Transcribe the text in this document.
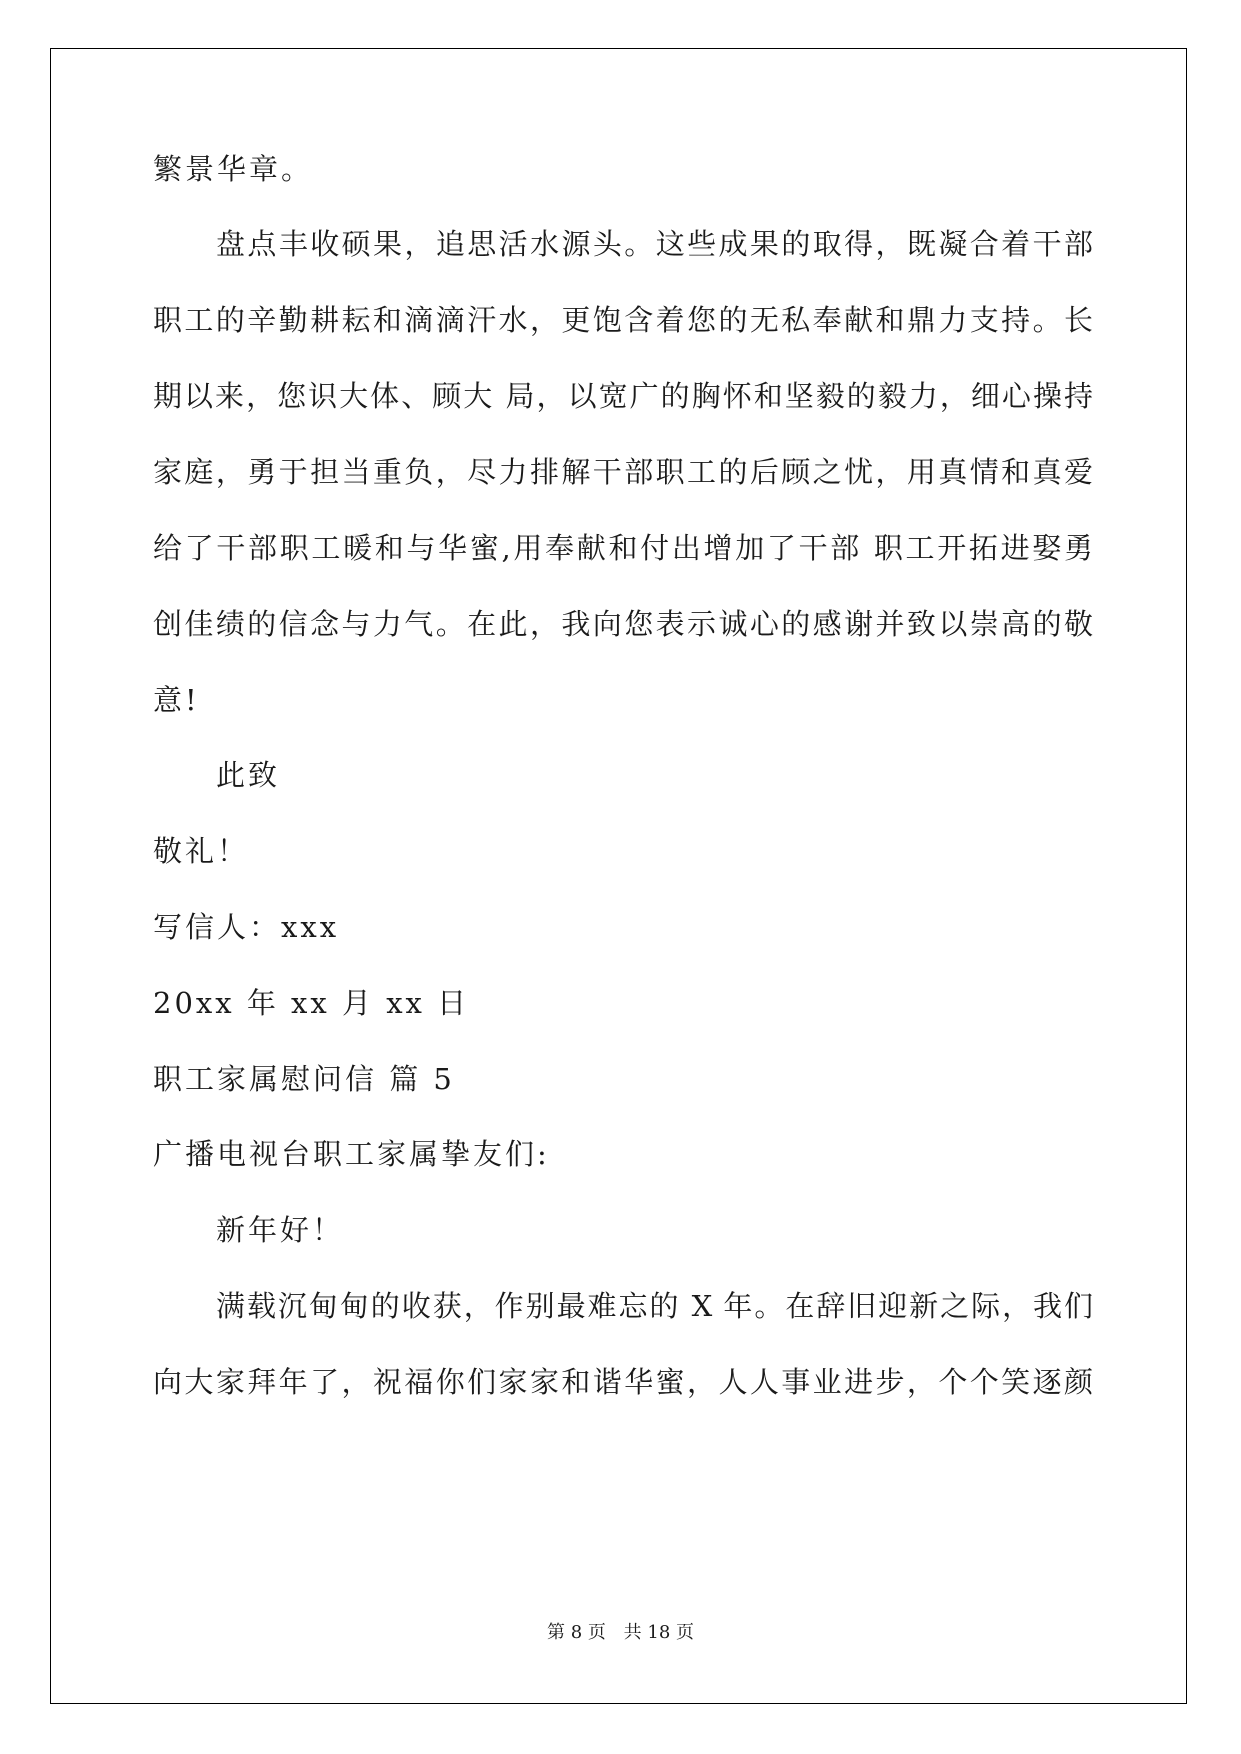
繁景华章。
盘点丰收硕果，追思活水源头。这些成果的取得，既凝合着干部
职工的辛勤耕耘和滴滴汗水，更饱含着您的无私奉献和鼎力支持。长
期以来，您识大体、顾大 局，以宽广的胸怀和坚毅的毅力，细心操持
家庭，勇于担当重负，尽力排解干部职工的后顾之忧，用真情和真爱
给了干部职工暖和与华蜜,用奉献和付出增加了干部 职工开拓进娶勇
创佳绩的信念与力气。在此，我向您表示诚心的感谢并致以崇高的敬
意!
此致
敬礼！
写信人：xxx
20xx 年 xx 月 xx 日
职工家属慰问信 篇 5
广播电视台职工家属挚友们:
新年好！
满载沉甸甸的收获，作别最难忘的 X 年。在辞旧迎新之际，我们
向大家拜年了，祝福你们家家和谐华蜜，人人事业进步，个个笑逐颜
第 8 页 共 18 页
